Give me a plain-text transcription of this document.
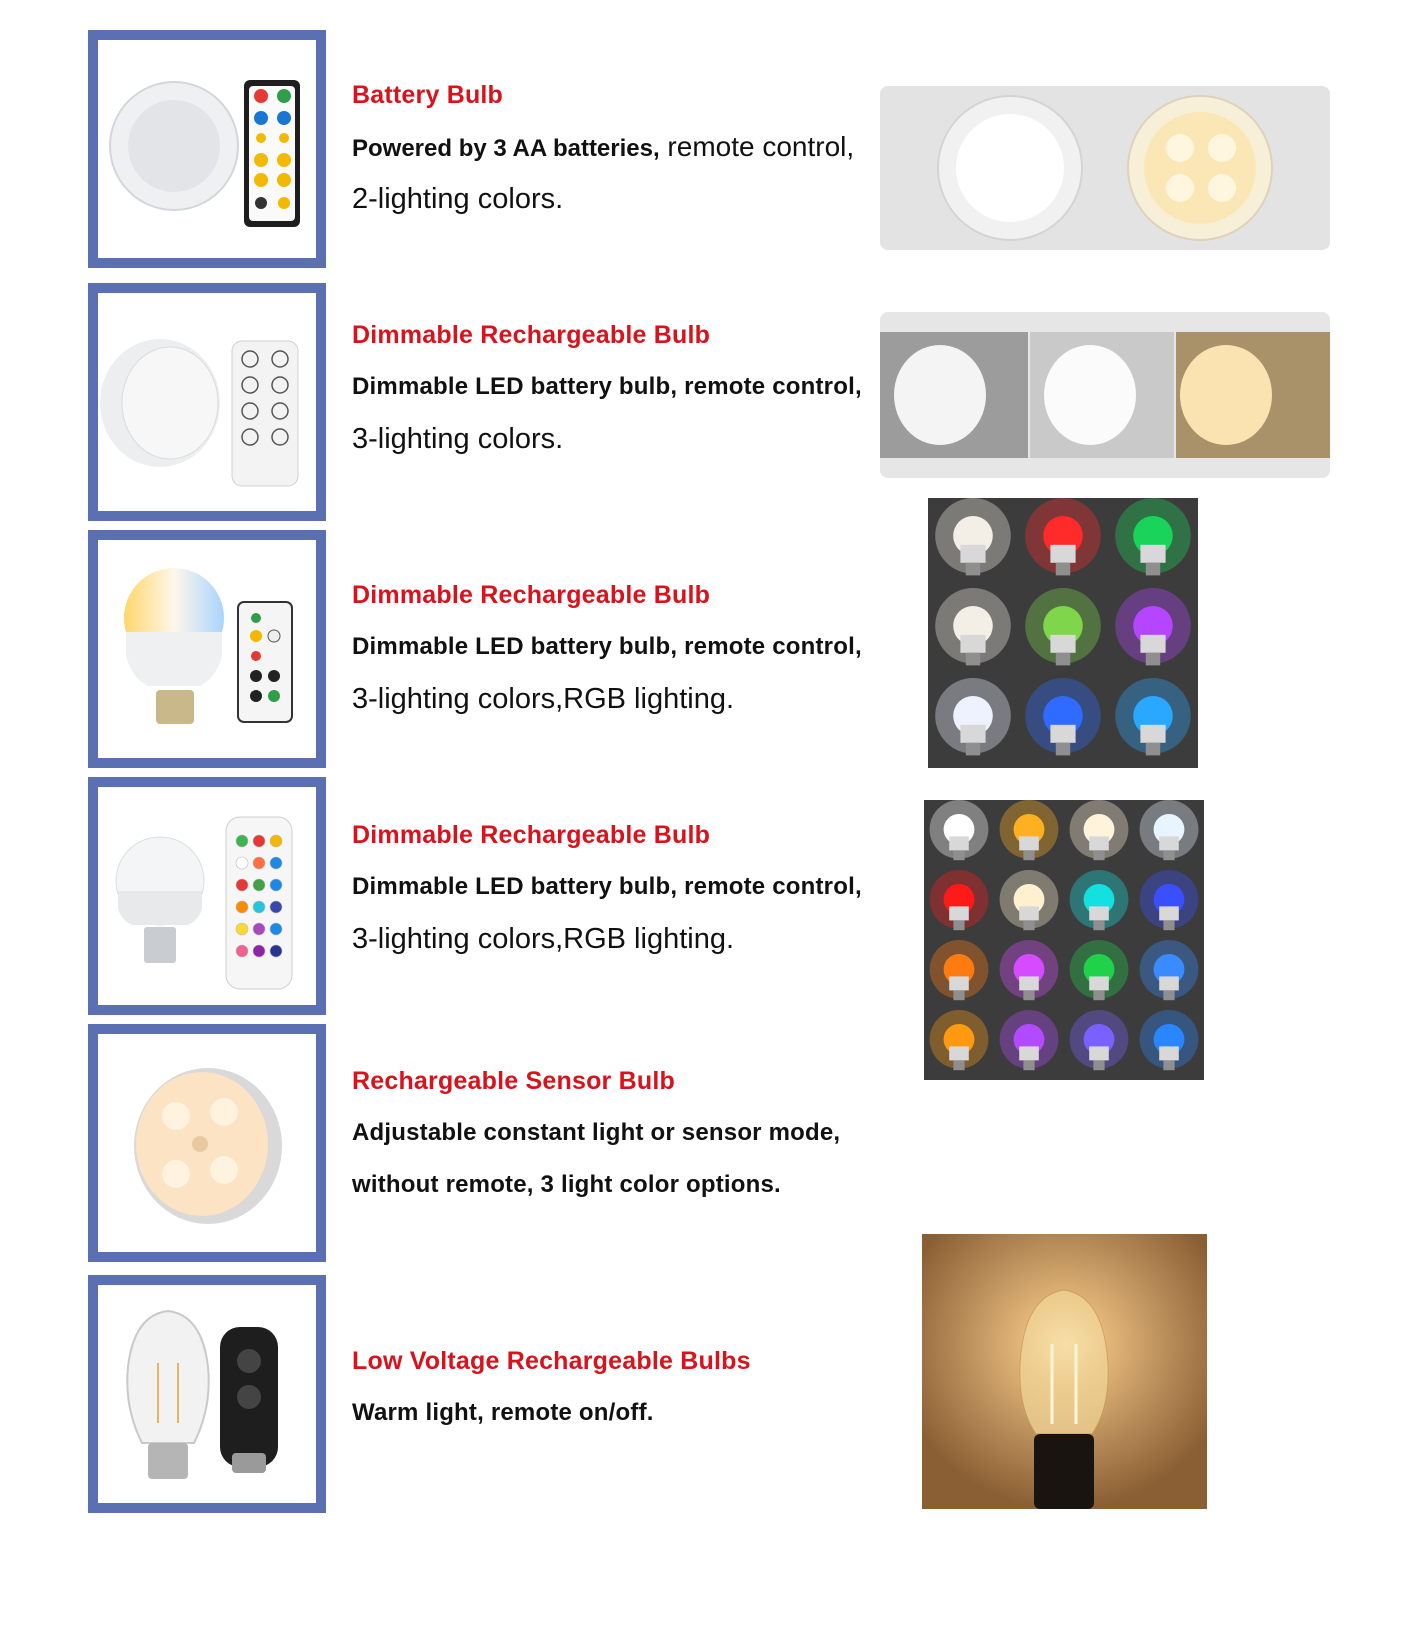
Battery Bulb

Powered by 3 AA batteries, remote control,

2-lighting colors.

Dimmable Rechargeable Bulb

Dimmable LED battery bulb, remote control,

3-lighting colors.

Dimmable Rechargeable Bulb

Dimmable LED battery bulb, remote control,

3-lighting colors,RGB lighting.

Dimmable Rechargeable Bulb

Dimmable LED battery bulb, remote control,

3-lighting colors,RGB lighting.

Rechargeable Sensor Bulb

Adjustable constant light or sensor mode,

without remote, 3 light color options.

Low Voltage Rechargeable Bulbs

Warm light, remote on/off.
